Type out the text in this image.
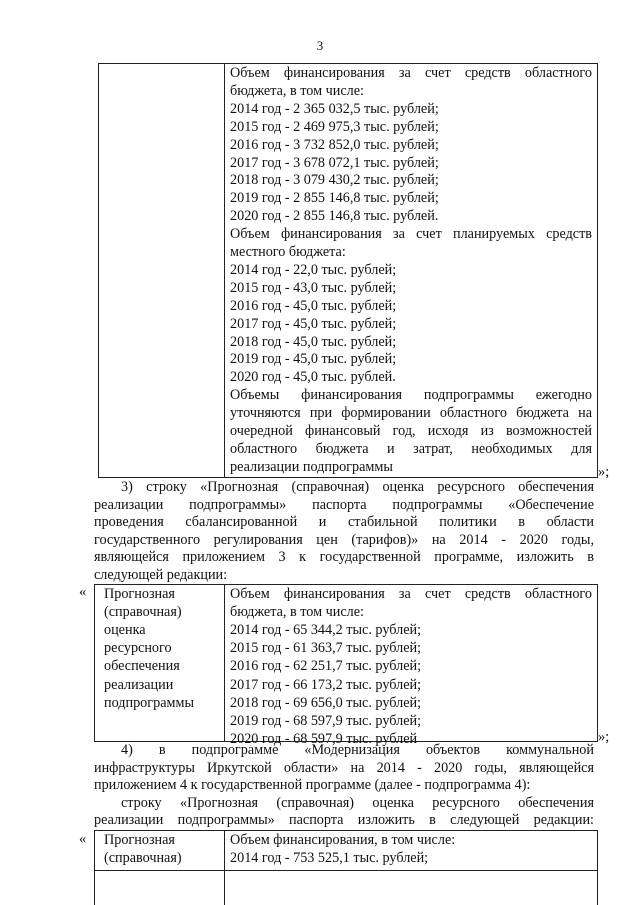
3
Объем финансирования за счет средств областного
бюджета, в том числе:
2014 год - 2 365 032,5 тыс. рублей;
2015 год - 2 469 975,3 тыс. рублей;
2016 год - 3 732 852,0 тыс. рублей;
2017 год - 3 678 072,1 тыс. рублей;
2018 год - 3 079 430,2 тыс. рублей;
2019 год - 2 855 146,8 тыс. рублей;
2020 год - 2 855 146,8 тыс. рублей.
Объем финансирования за счет планируемых средств
местного бюджета:
2014 год - 22,0 тыс. рублей;
2015 год - 43,0 тыс. рублей;
2016 год - 45,0 тыс. рублей;
2017 год - 45,0 тыс. рублей;
2018 год - 45,0 тыс. рублей;
2019 год - 45,0 тыс. рублей;
2020 год - 45,0 тыс. рублей.
Объемы финансирования подпрограммы ежегодно
уточняются при формировании областного бюджета на
очередной финансовый год, исходя из возможностей
областного бюджета и затрат, необходимых для
реализации подпрограммы	»;
3) строку «Прогнозная (справочная) оценка ресурсного обеспечения
реализации подпрограммы» паспорта подпрограммы «Обеспечение
проведения сбалансированной и стабильной политики в области
государственного регулирования цен (тарифов)» на 2014 - 2020 годы,
являющейся приложением 3 к государственной программе, изложить в
следующей редакции:
« Прогнозная
(справочная)
оценка
ресурсного
обеспечения
реализации
подпрограммы
Объем финансирования за счет средств областного
бюджета, в том числе:
2014 год - 65 344,2 тыс. рублей;
2015 год - 61 363,7 тыс. рублей;
2016 год - 62 251,7 тыс. рублей;
2017 год - 66 173,2 тыс. рублей;
2018 год - 69 656,0 тыс. рублей;
2019 год - 68 597,9 тыс. рублей;
2020 год - 68 597,9 тыс. рублей	»;
4) в подпрограмме «Модернизация объектов коммунальной
инфраструктуры Иркутской области» на 2014 - 2020 годы, являющейся
приложением 4 к государственной программе (далее - подпрограмма 4):
строку «Прогнозная (справочная) оценка ресурсного обеспечения
реализации подпрограммы» паспорта изложить в следующей редакции:
« Прогнозная
(справочная)
Объем финансирования, в том числе:
2014 год - 753 525,1 тыс. рублей;
